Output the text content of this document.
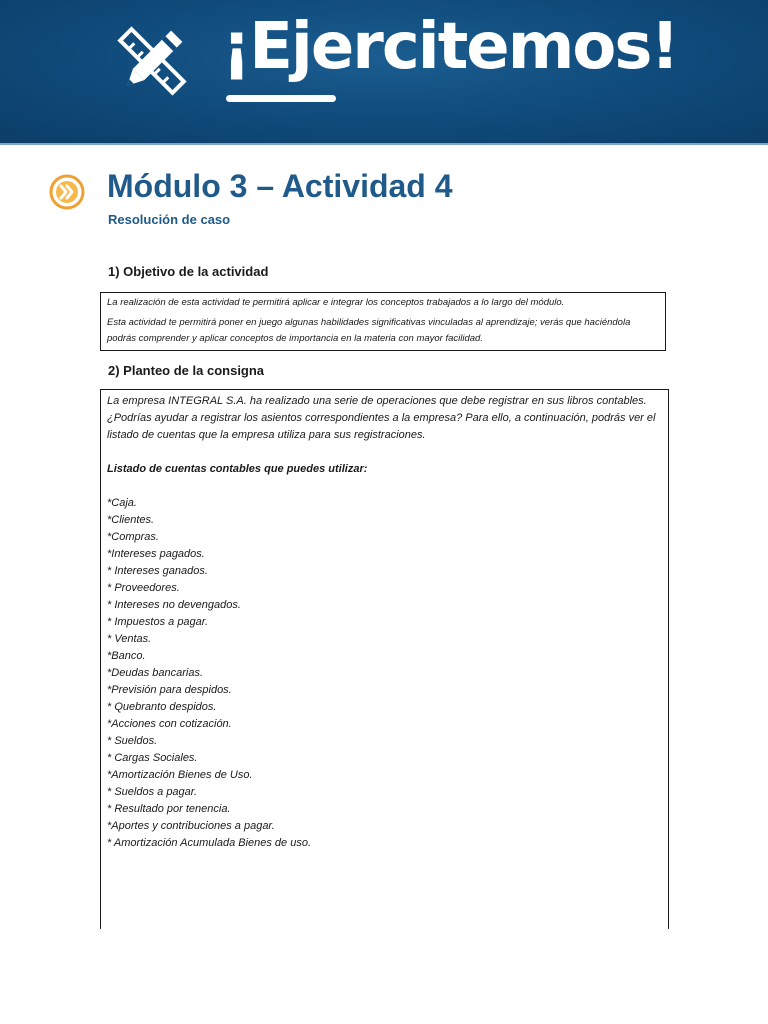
¡Ejercitemos!
Módulo 3 – Actividad 4
Resolución de caso
1) Objetivo de la actividad

La realización de esta actividad te permitirá aplicar e integrar los conceptos trabajados a lo largo del módulo.

Esta actividad te permitirá poner en juego algunas habilidades significativas vinculadas al aprendizaje; verás que haciéndola podrás comprender y aplicar conceptos de importancia en la materia con mayor facilidad.

2) Planteo de la consigna

La empresa INTEGRAL S.A. ha realizado una serie de operaciones que debe registrar en sus libros contables. ¿Podrías ayudar a registrar los asientos correspondientes a la empresa? Para ello, a continuación, podrás ver el listado de cuentas que la empresa utiliza para sus registraciones.

Listado de cuentas contables que puedes utilizar:

*Caja.
*Clientes.
*Compras.
*Intereses pagados.
* Intereses ganados.
* Proveedores.
* Intereses no devengados.
* Impuestos a pagar.
* Ventas.
*Banco.
*Deudas bancarias.
*Previsión para despidos.
* Quebranto despidos.
*Acciones con cotización.
* Sueldos.
* Cargas Sociales.
*Amortización Bienes de Uso.
* Sueldos a pagar.
* Resultado por tenencia.
*Aportes y contribuciones a pagar.
* Amortización Acumulada Bienes de uso.
